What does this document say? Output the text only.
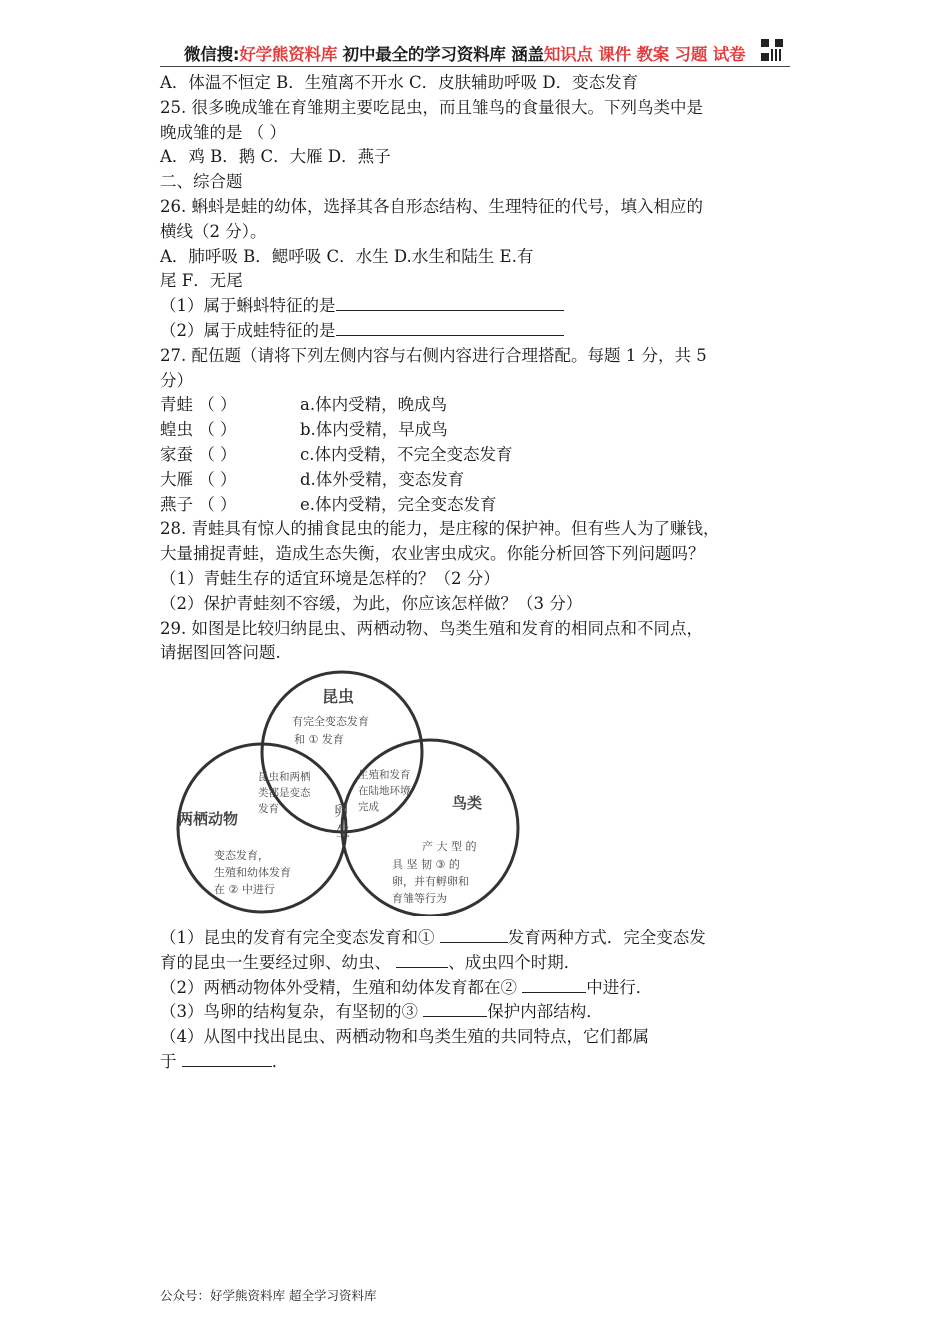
微信搜:好学熊资料库 初中最全的学习资料库 涵盖知识点 课件 教案 习题 试卷
A．体温不恒定 B．生殖离不开水 C．皮肤辅助呼吸 D．变态发育
25. 很多晚成雏在育雏期主要吃昆虫，而且雏鸟的食量很大。下列鸟类中是
晚成雏的是 （ ）
A．鸡 B．鹅 C．大雁 D．燕子
二、综合题
26. 蝌蚪是蛙的幼体，选择其各自形态结构、生理特征的代号，填入相应的
横线（2 分）。
A．肺呼吸 B．鳃呼吸 C．水生 D.水生和陆生 E.有
尾 F．无尾
（1）属于蝌蚪特征的是
（2）属于成蛙特征的是
27. 配伍题（请将下列左侧内容与右侧内容进行合理搭配。每题 1 分，共 5
分）
青蛙 （ ）	a.体内受精，晚成鸟
蝗虫 （ ）	b.体内受精，早成鸟
家蚕 （ ）	c.体内受精，不完全变态发育
大雁 （ ）	d.体外受精，变态发育
燕子 （ ）	e.体内受精，完全变态发育
28. 青蛙具有惊人的捕食昆虫的能力，是庄稼的保护神。但有些人为了赚钱，
大量捕捉青蛙，造成生态失衡，农业害虫成灾。你能分析回答下列问题吗？
（1）青蛙生存的适宜环境是怎样的？（2 分）
（2）保护青蛙刻不容缓，为此，你应该怎样做？（3 分）
29. 如图是比较归纳昆虫、两栖动物、鸟类生殖和发育的相同点和不同点，
请据图回答问题.
昆虫
有完全变态发育
和 ① 发育
两栖动物
变态发育，
生殖和幼体发育
在 ② 中进行
鸟类
产 大 型 的
具 坚 韧 ③ 的
卵，并有孵卵和
育雏等行为
昆虫和两栖
类都是变态
发育
生殖和发育
在陆地环境
完成
卵
生
（1）昆虫的发育有完全变态发育和①	发育两种方式．完全变态发
育的昆虫一生要经过卵、幼虫、	、成虫四个时期．
（2）两栖动物体外受精，生殖和幼体发育都在②	中进行．
（3）鸟卵的结构复杂，有坚韧的③	保护内部结构．
（4）从图中找出昆虫、两栖动物和鸟类生殖的共同特点，它们都属
于	．
公众号：好学熊资料库 超全学习资料库
